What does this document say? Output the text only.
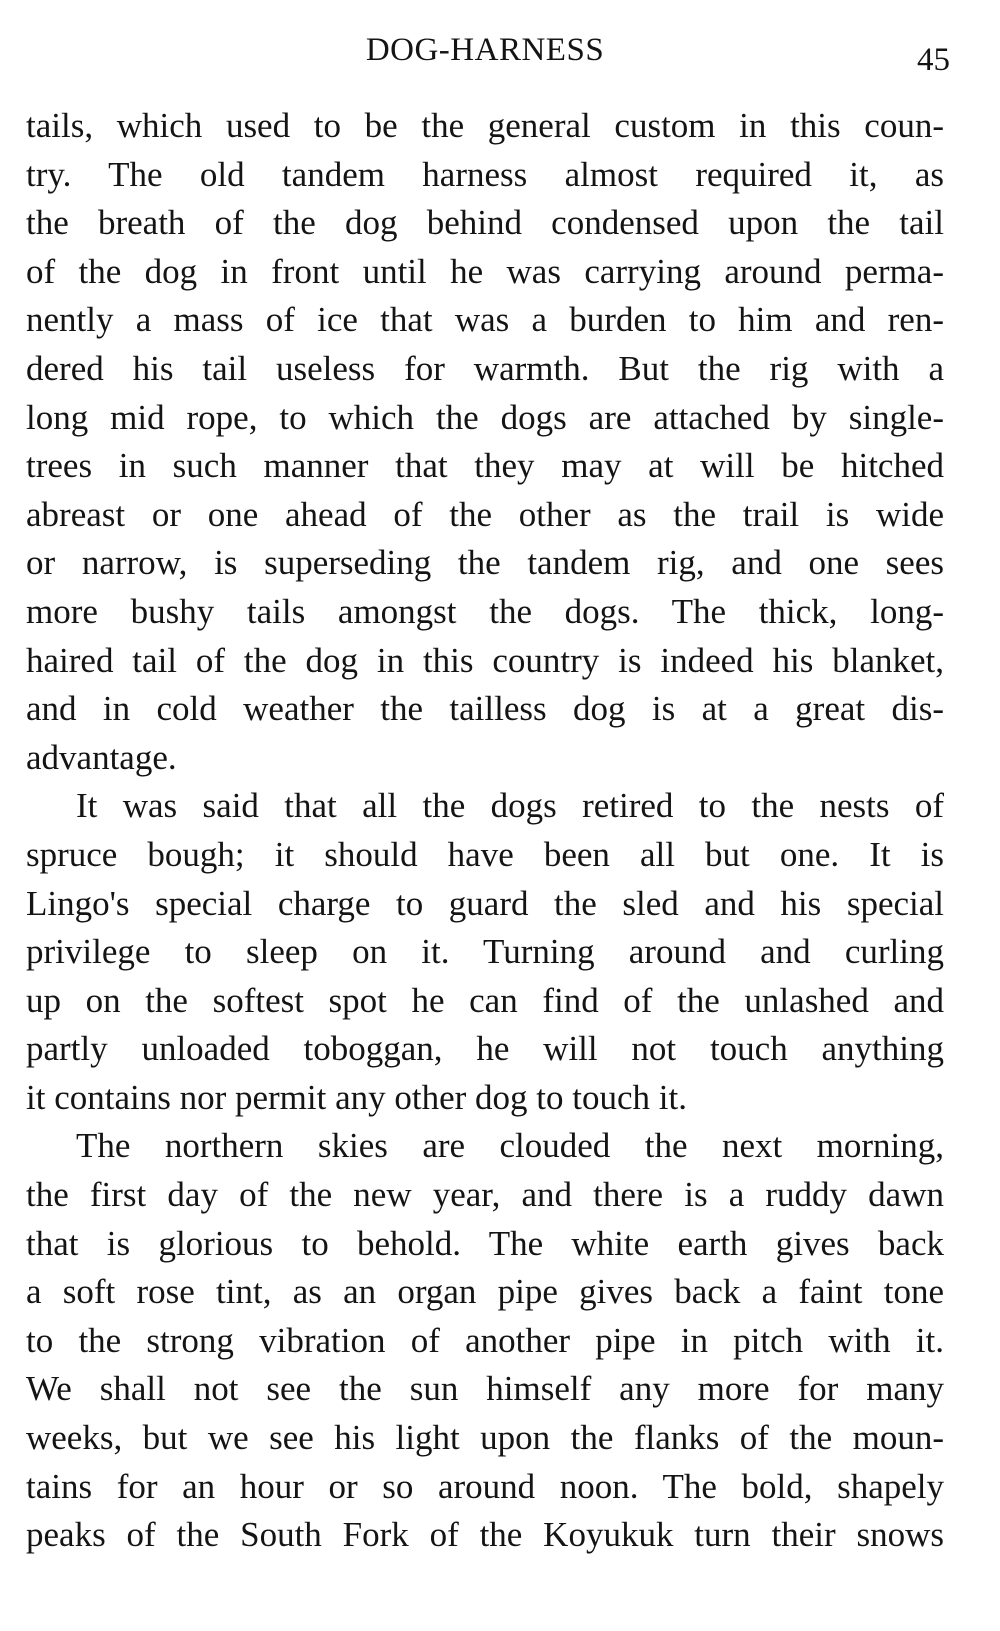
DOG-HARNESS	45

tails, which used to be the general custom in this coun-
try. The old tandem harness almost required it, as
the breath of the dog behind condensed upon the tail
of the dog in front until he was carrying around perma-
nently a mass of ice that was a burden to him and ren-
dered his tail useless for warmth. But the rig with a
long mid rope, to which the dogs are attached by single-
trees in such manner that they may at will be hitched
abreast or one ahead of the other as the trail is wide
or narrow, is superseding the tandem rig, and one sees
more bushy tails amongst the dogs. The thick, long-
haired tail of the dog in this country is indeed his blanket,
and in cold weather the tailless dog is at a great dis-
advantage.

It was said that all the dogs retired to the nests of
spruce bough; it should have been all but one. It is
Lingo's special charge to guard the sled and his special
privilege to sleep on it. Turning around and curling
up on the softest spot he can find of the unlashed and
partly unloaded toboggan, he will not touch anything
it contains nor permit any other dog to touch it.

The northern skies are clouded the next morning,
the first day of the new year, and there is a ruddy dawn
that is glorious to behold. The white earth gives back
a soft rose tint, as an organ pipe gives back a faint tone
to the strong vibration of another pipe in pitch with it.
We shall not see the sun himself any more for many
weeks, but we see his light upon the flanks of the moun-
tains for an hour or so around noon. The bold, shapely
peaks of the South Fork of the Koyukuk turn their snows
